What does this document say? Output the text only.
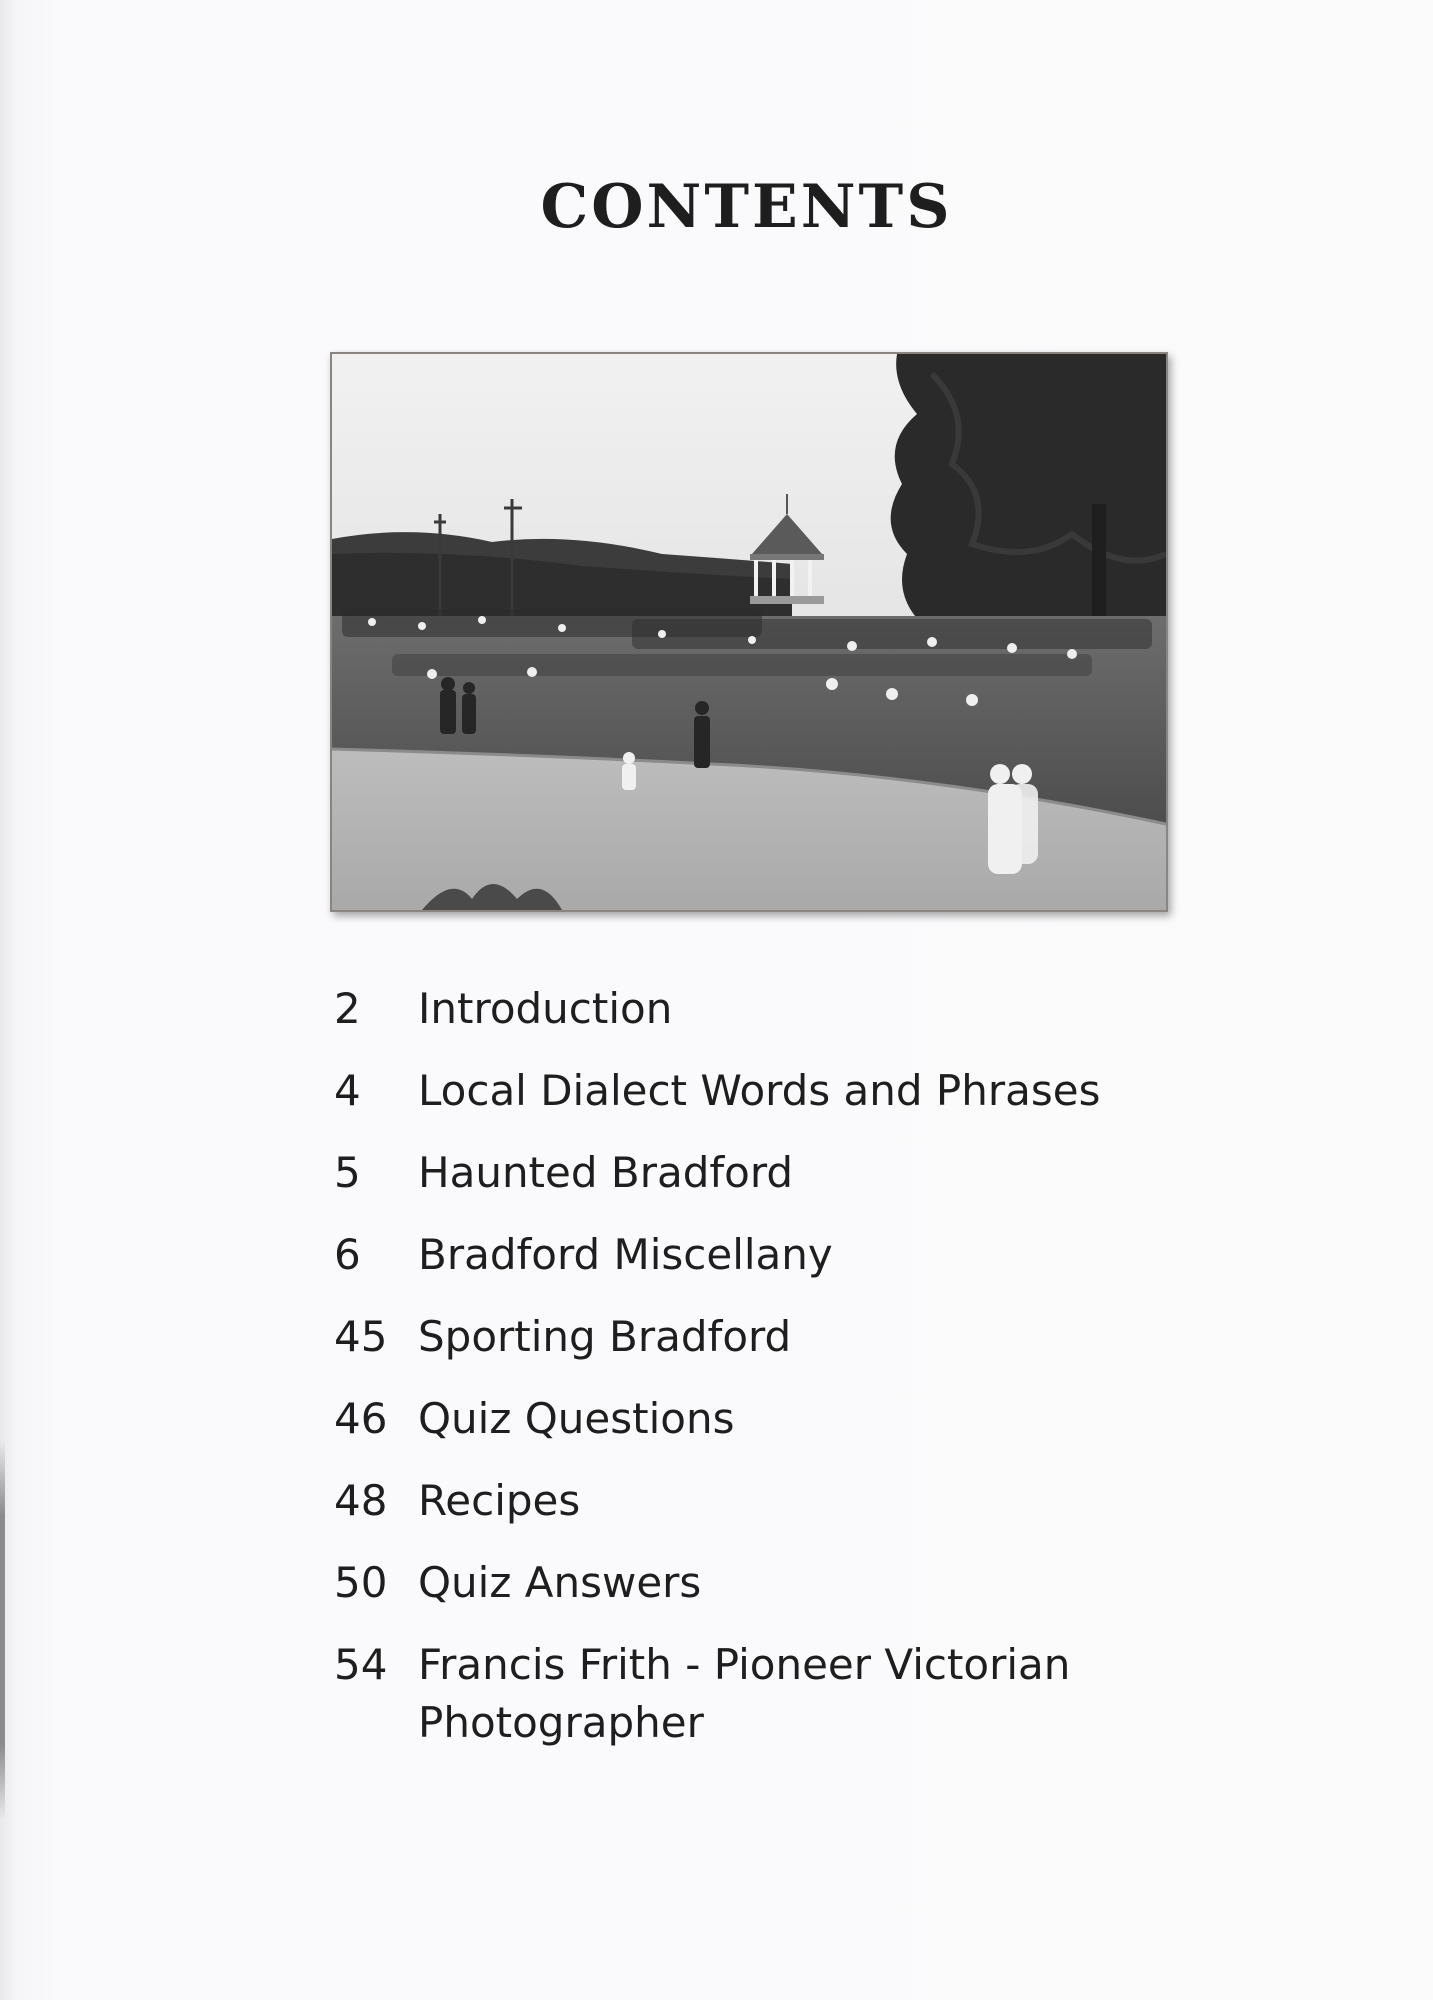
CONTENTS
2	Introduction
4	Local Dialect Words and Phrases
5	Haunted Bradford
6	Bradford Miscellany
45 Sporting Bradford
46 Quiz Questions
48 Recipes
50 Quiz Answers
54 Francis Frith - Pioneer Victorian Photographer
